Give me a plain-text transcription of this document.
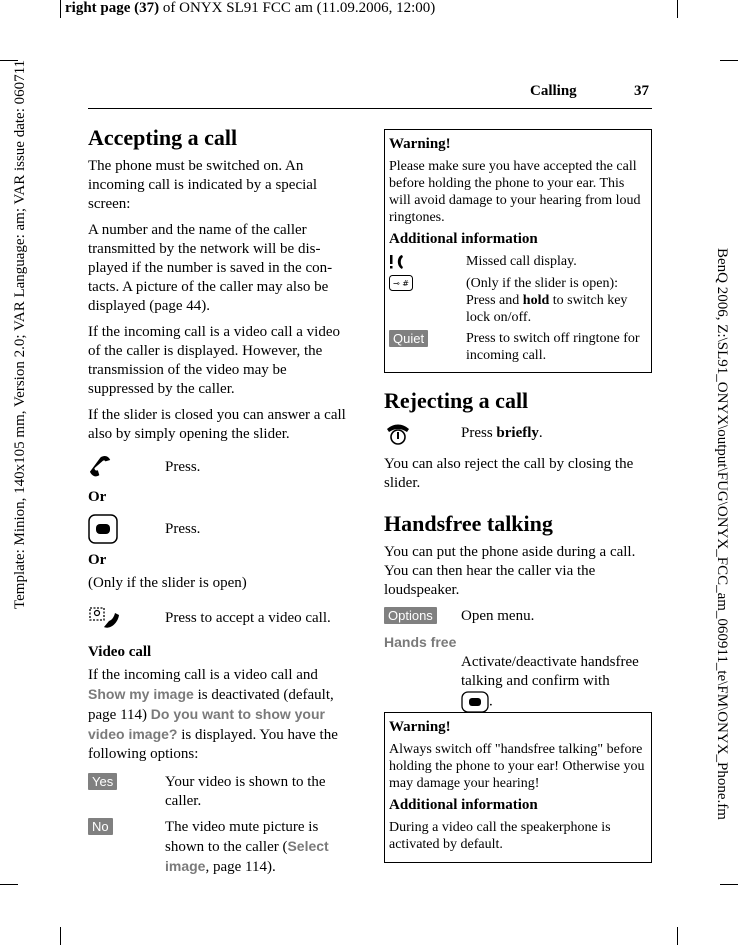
right page (37) of ONYX SL91 FCC am (11.09.2006, 12:00)
Template: Minion, 140x105 mm, Version 2.0; VAR Language: am; VAR issue date: 060711	BenQ 2006, Z:\SL91_ONYX\output\FUG\ONYX_FCC_am_060911_te\FM\ONYX_Phone.fm
Calling	37
Accepting a call

The phone must be switched on. An incoming call is indicated by a special screen:

A number and the name of the caller transmitted by the network will be dis-played if the number is saved in the con-tacts. A picture of the caller may also be displayed (page 44).

If the incoming call is a video call a video of the caller is displayed. However, the transmission of the video may be suppressed by the caller.

If the slider is closed you can answer a call also by simply opening the slider.

Press.

Or

Press.

Or

(Only if the slider is open)

Press to accept a video call.

Video call

If the incoming call is a video call and Show my image is deactivated (default, page 114) Do you want to show your video image? is displayed. You have the following options:

Yes	Your video is shown to the caller.
No	The video mute picture is shown to the caller (Select image, page 114).
Warning!

Please make sure you have accepted the call before holding the phone to your ear. This will avoid damage to your hearing from loud ringtones.

Additional information
Missed call display.
⊸ #	(Only if the slider is open): Press and hold to switch key lock on/off.
Quiet	Press to switch off ringtone for incoming call.
Rejecting a call
Press briefly.

You can also reject the call by closing the slider.

Handsfree talking

You can put the phone aside during a call. You can then hear the caller via the loudspeaker.

Options	Open menu.
Hands free
Activate/deactivate handsfree talking and confirm with
.
Warning!

Always switch off "handsfree talking" before holding the phone to your ear! Otherwise you may damage your hearing!

Additional information

During a video call the speakerphone is activated by default.
